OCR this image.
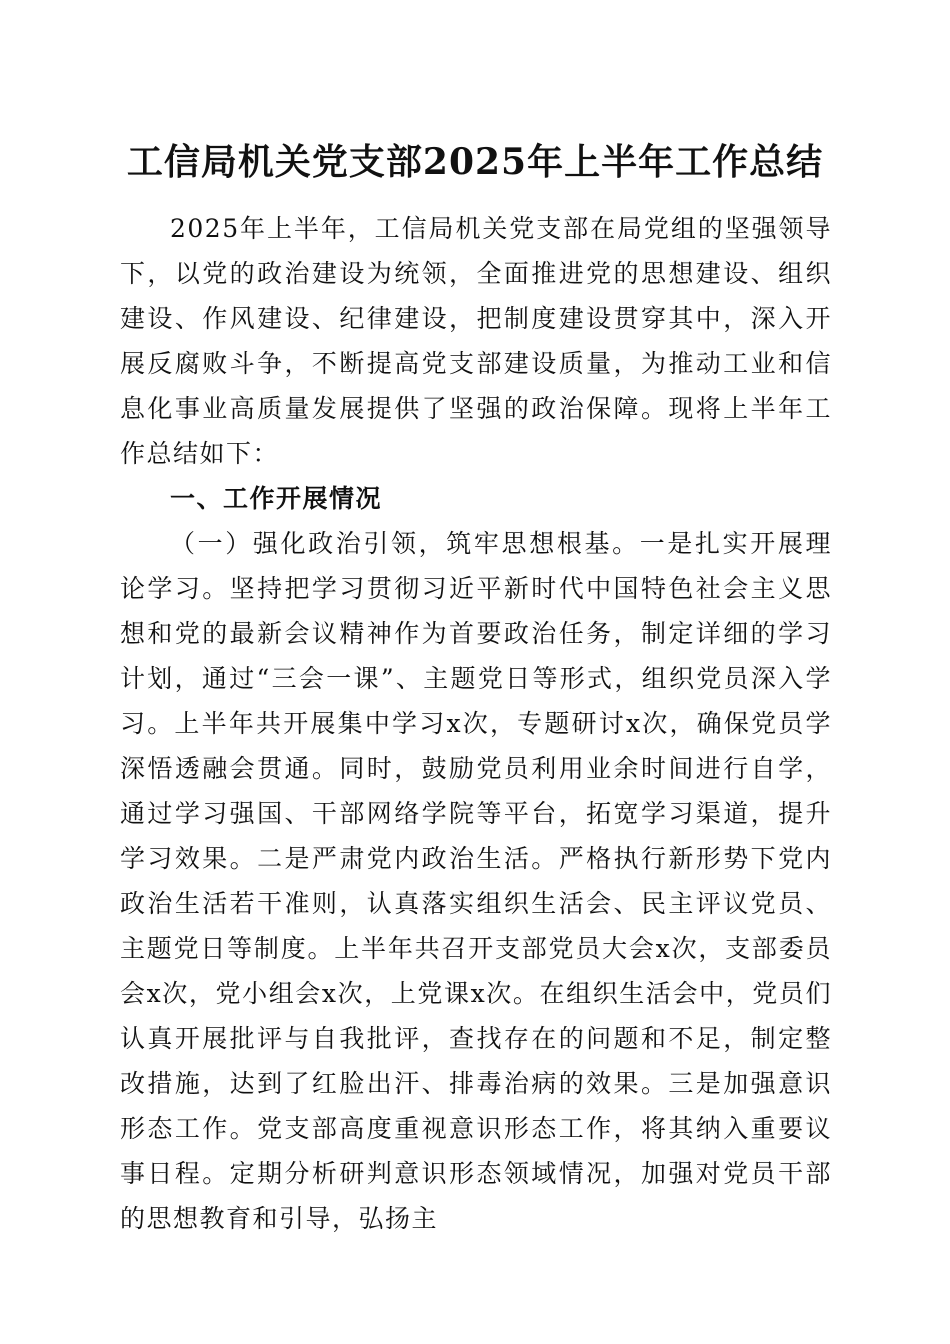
工信局机关党支部2025年上半年工作总结

2025年上半年，工信局机关党支部在局党组的坚强领导下，以党的政治建设为统领，全面推进党的思想建设、组织建设、作风建设、纪律建设，把制度建设贯穿其中，深入开展反腐败斗争，不断提高党支部建设质量，为推动工业和信息化事业高质量发展提供了坚强的政治保障。现将上半年工作总结如下：

一、工作开展情况

（一）强化政治引领，筑牢思想根基。一是扎实开展理论学习。坚持把学习贯彻习近平新时代中国特色社会主义思想和党的最新会议精神作为首要政治任务，制定详细的学习计划，通过“三会一课”、主题党日等形式，组织党员深入学习。上半年共开展集中学习x次，专题研讨x次，确保党员学深悟透融会贯通。同时，鼓励党员利用业余时间进行自学，通过学习强国、干部网络学院等平台，拓宽学习渠道，提升学习效果。二是严肃党内政治生活。严格执行新形势下党内政治生活若干准则，认真落实组织生活会、民主评议党员、主题党日等制度。上半年共召开支部党员大会x次，支部委员会x次，党小组会x次，上党课x次。在组织生活会中，党员们认真开展批评与自我批评，查找存在的问题和不足，制定整改措施，达到了红脸出汗、排毒治病的效果。三是加强意识形态工作。党支部高度重视意识形态工作，将其纳入重要议事日程。定期分析研判意识形态领域情况，加强对党员干部的思想教育和引导，弘扬主
